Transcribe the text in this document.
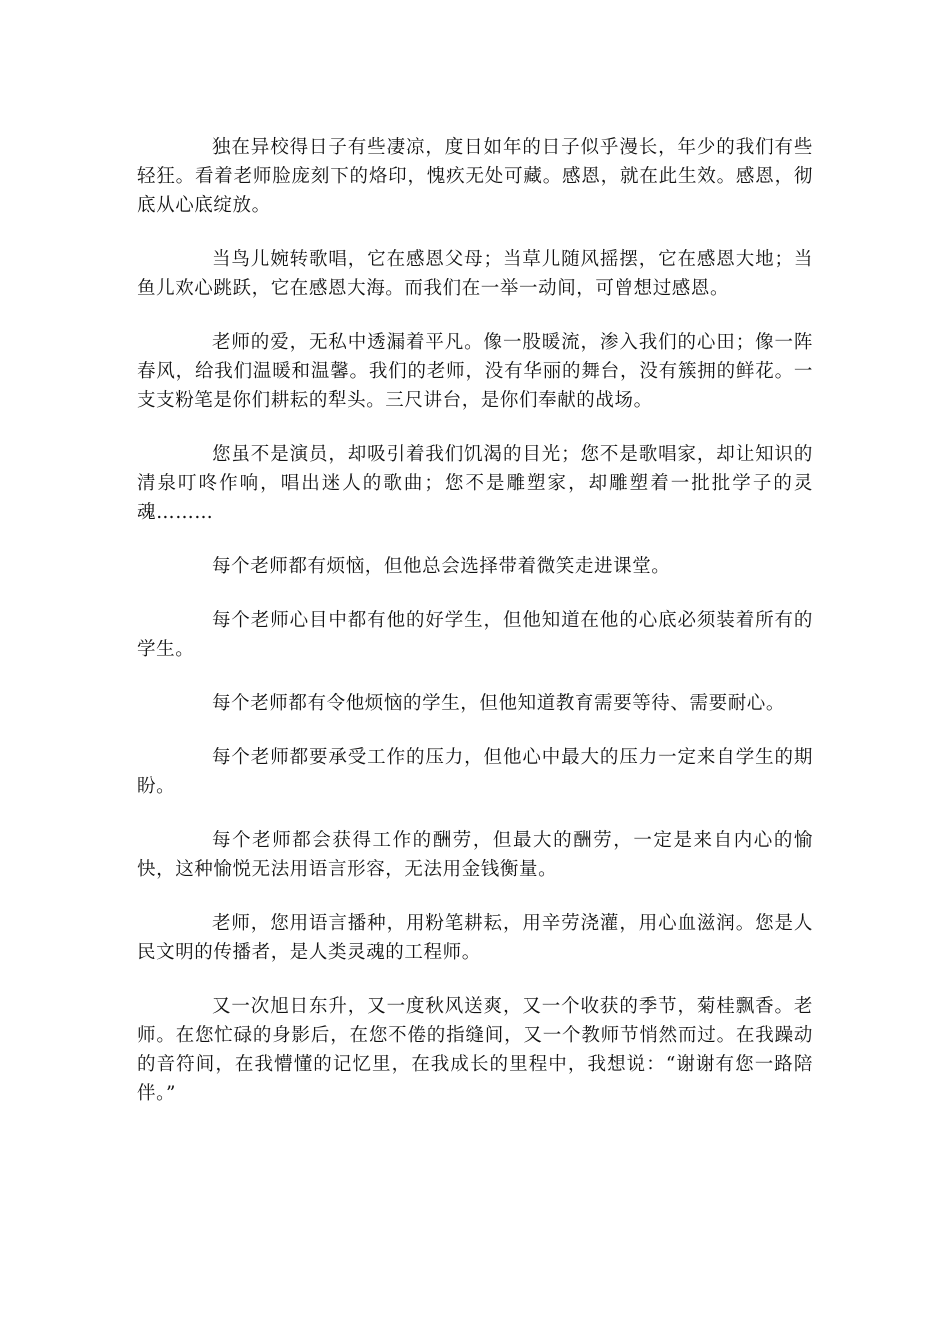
独在异校得日子有些凄凉，度日如年的日子似乎漫长，年少的我们有些轻狂。看着老师脸庞刻下的烙印，愧疚无处可藏。感恩，就在此生效。感恩，彻底从心底绽放。

当鸟儿婉转歌唱，它在感恩父母；当草儿随风摇摆，它在感恩大地；当鱼儿欢心跳跃，它在感恩大海。而我们在一举一动间，可曾想过感恩。

老师的爱，无私中透漏着平凡。像一股暖流，渗入我们的心田；像一阵春风，给我们温暖和温馨。我们的老师，没有华丽的舞台，没有簇拥的鲜花。一支支粉笔是你们耕耘的犁头。三尺讲台，是你们奉献的战场。

您虽不是演员，却吸引着我们饥渴的目光；您不是歌唱家，却让知识的清泉叮咚作响，唱出迷人的歌曲；您不是雕塑家，却雕塑着一批批学子的灵魂………

每个老师都有烦恼，但他总会选择带着微笑走进课堂。

每个老师心目中都有他的好学生，但他知道在他的心底必须装着所有的学生。

每个老师都有令他烦恼的学生，但他知道教育需要等待、需要耐心。

每个老师都要承受工作的压力，但他心中最大的压力一定来自学生的期盼。

每个老师都会获得工作的酬劳，但最大的酬劳，一定是来自内心的愉快，这种愉悦无法用语言形容，无法用金钱衡量。

老师，您用语言播种，用粉笔耕耘，用辛劳浇灌，用心血滋润。您是人民文明的传播者，是人类灵魂的工程师。

又一次旭日东升，又一度秋风送爽，又一个收获的季节，菊桂飘香。老师。在您忙碌的身影后，在您不倦的指缝间，又一个教师节悄然而过。在我躁动的音符间，在我懵懂的记忆里，在我成长的里程中，我想说：“谢谢有您一路陪伴。”
